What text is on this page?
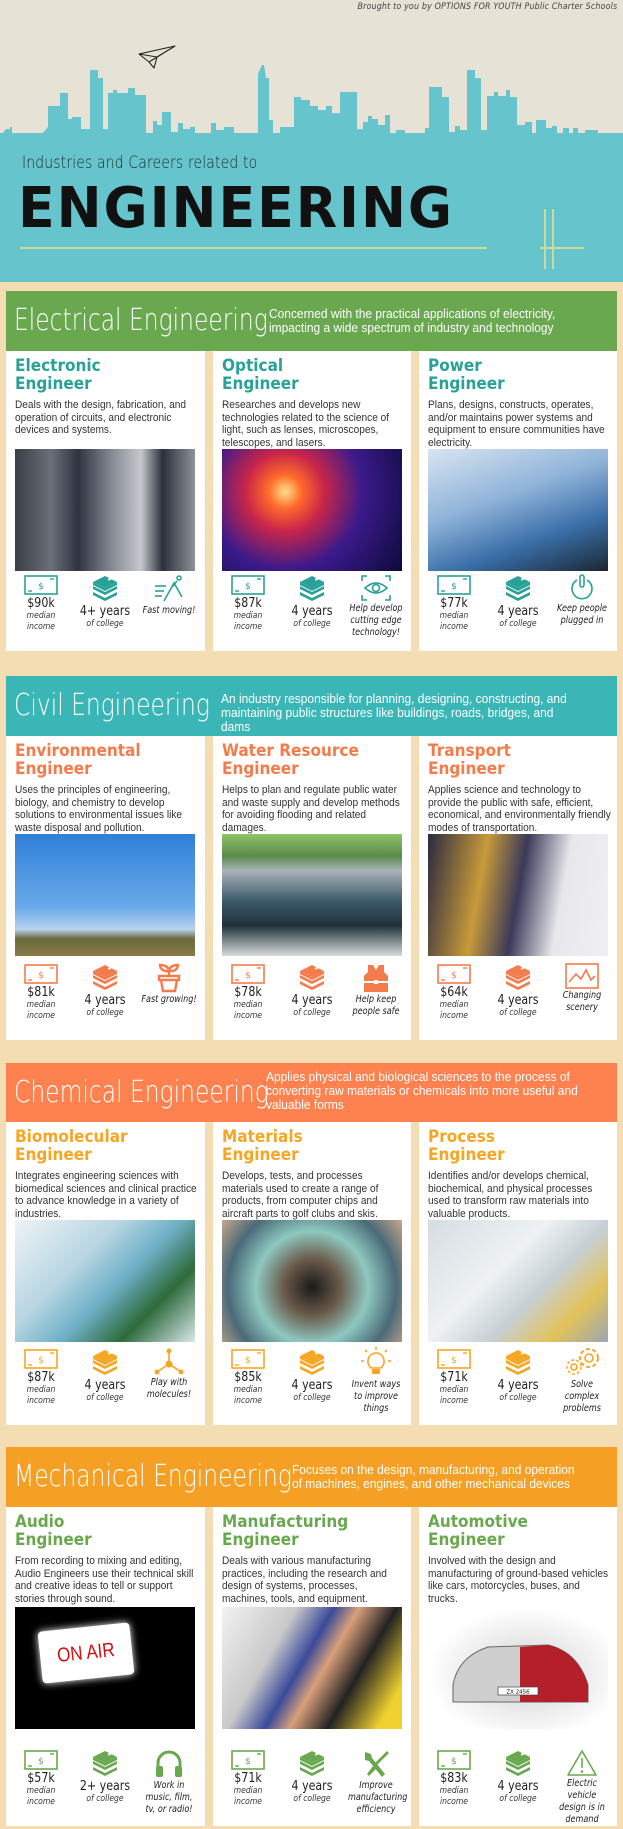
Brought to you by OPTIONS FOR YOUTH Public Charter Schools
Industries and Careers related to
ENGINEERING
Electrical Engineering Concerned with the practical applications of electricity, impacting a wide spectrum of industry and technology
Electronic
Engineer
Deals with the design, fabrication, and operation of circuits, and electronic devices and systems.
$
$90k
median income
4+ years
of college
Fast moving!
Optical
Engineer
Researches and develops new technologies related to the science of light, such as lenses, microscopes, telescopes, and lasers.
$
$87k
median income
4 years
of college
Help develop cutting edge technology!
Power
Engineer
Plans, designs, constructs, operates, and/or maintains power systems and equipment to ensure communities have electricity.
$
$77k
median income
4 years
of college
Keep people plugged in
Civil Engineering An industry responsible for planning, designing, constructing, and maintaining public structures like buildings, roads, bridges, and dams
Environmental
Engineer
Uses the principles of engineering, biology, and chemistry to develop solutions to environmental issues like waste disposal and pollution.
$
$81k
median income
4 years
of college
Fast growing!
Water Resource
Engineer
Helps to plan and regulate public water and waste supply and develop methods for avoiding flooding and related damages.
$
$78k
median income
4 years
of college
Help keep people safe
Transport
Engineer
Applies science and technology to provide the public with safe, efficient, economical, and environmentally friendly modes of transportation.
$
$64k
median income
4 years
of college
Changing scenery
Chemical Engineering
Applies physical and biological sciences to the process of converting raw materials or chemicals into more useful and valuable forms
Biomolecular
Engineer
Integrates engineering sciences with biomedical sciences and clinical practice to advance knowledge in a variety of industries.
$
$87k
median income
4 years
of college
Play with molecules!
Materials
Engineer
Develops, tests, and processes materials used to create a range of products, from computer chips and aircraft parts to golf clubs and skis.
$
$85k
median income
4 years
of college
Invent ways to improve things
Process
Engineer
Identifies and/or develops chemical, biochemical, and physical processes used to transform raw materials into valuable products.
$
$71k
median income
4 years
of college
Solve complex problems
Mechanical Engineering Focuses on the design, manufacturing, and operation of machines, engines, and other mechanical devices
Audio
Engineer
From recording to mixing and editing, Audio Engineers use their technical skill and creative ideas to tell or support stories through sound.
ON AIR
$
$57k
median income
2+ years
of college
Work in music, film, tv, or radio!
Manufacturing
Engineer
Deals with various manufacturing practices, including the research and design of systems, processes, machines, tools, and equipment.
$
$71k
median income
4 years
of college
Improve manufacturing efficiency
Automotive
Engineer
Involved with the design and manufacturing of ground-based vehicles like cars, motorcycles, buses, and trucks.
ZX 2456
$
$83k
median income
4 years
of college
Electric vehicle design is in demand
